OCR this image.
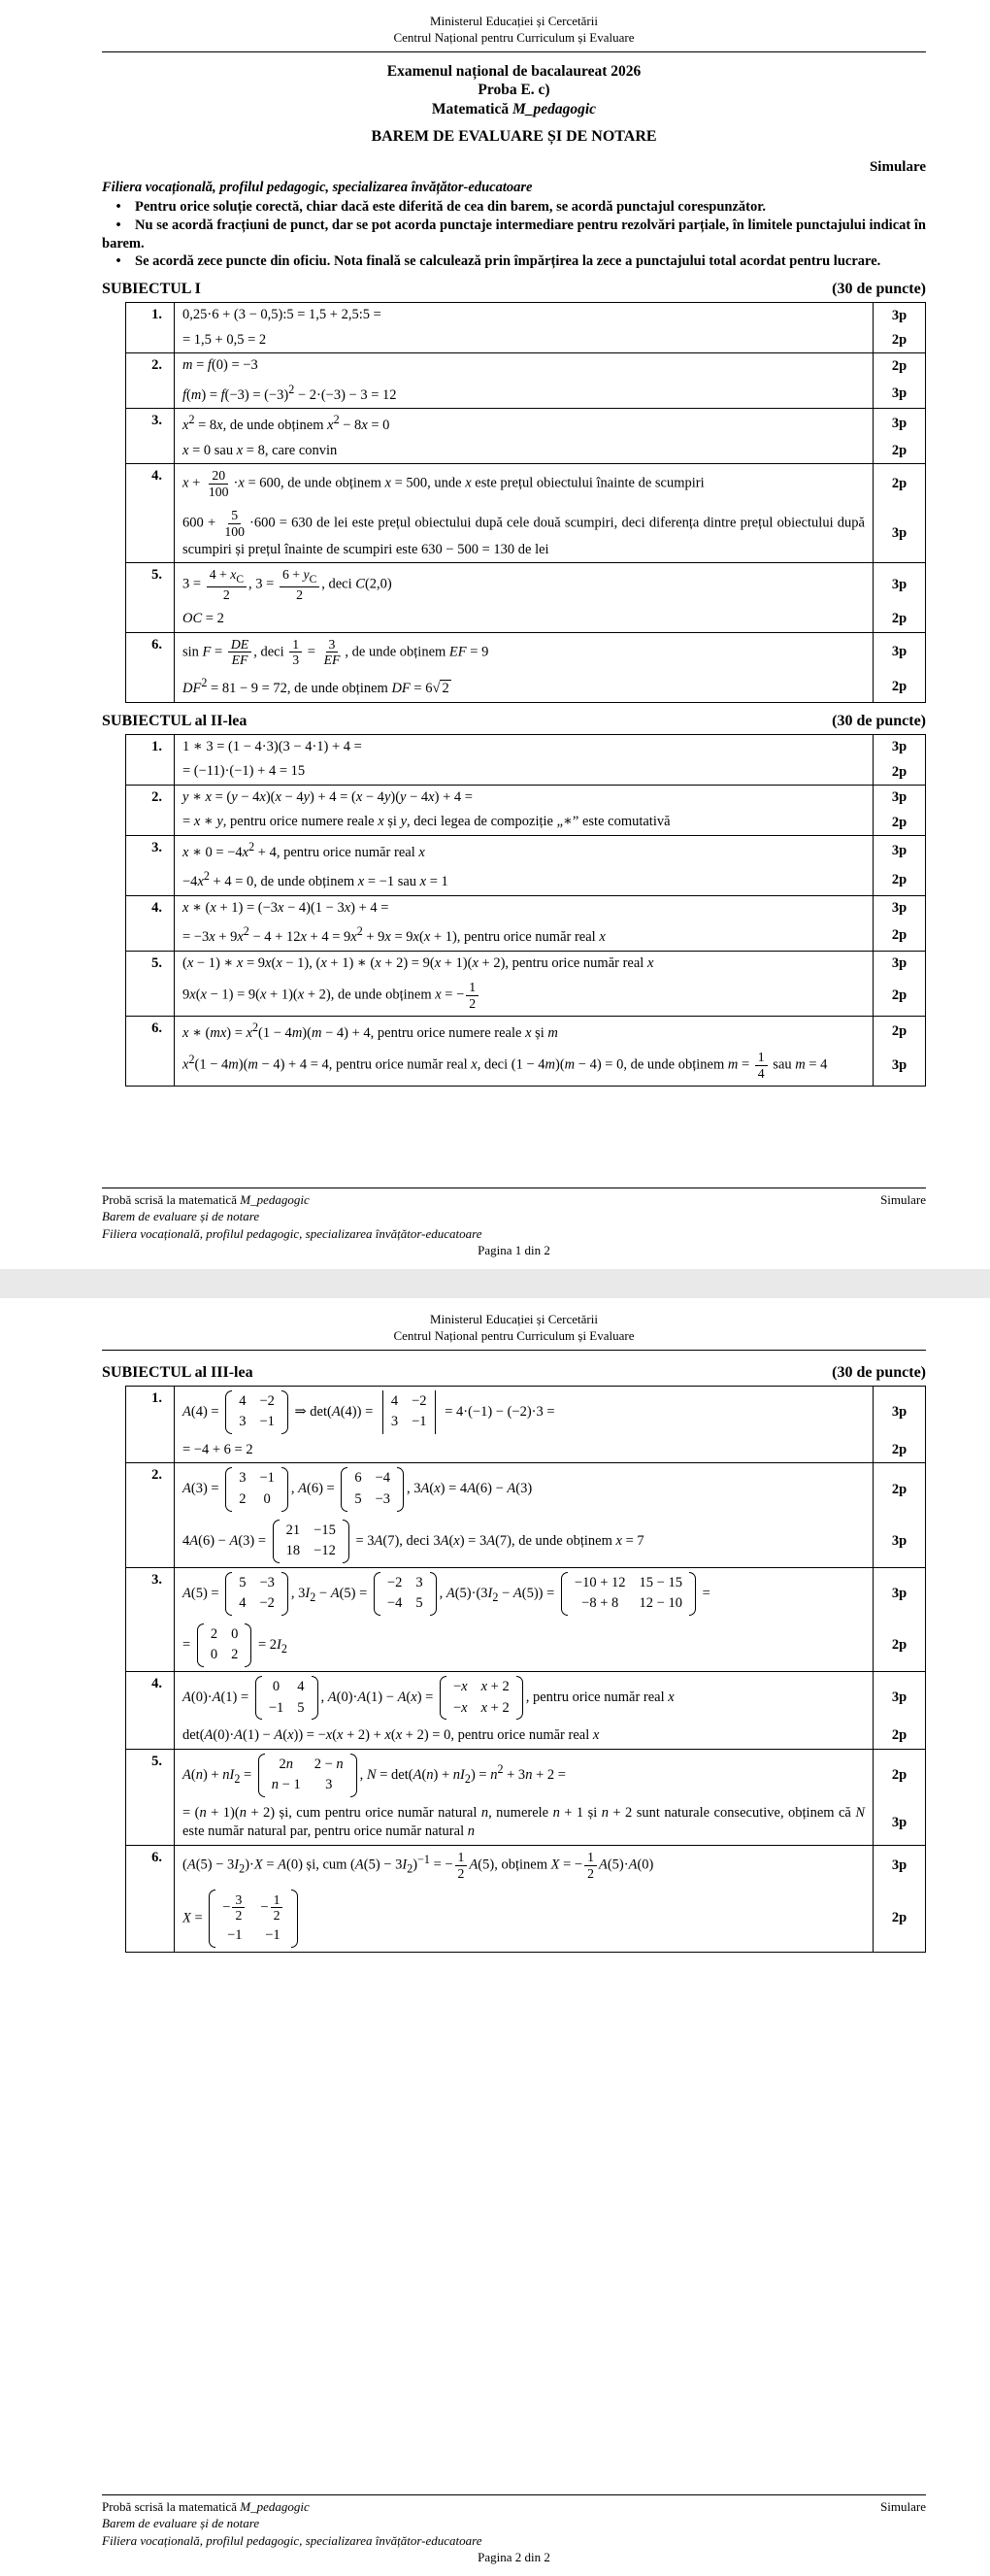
Ministerul Educației și Cercetării
Centrul Național pentru Curriculum și Evaluare
Examenul național de bacalaureat 2026
Proba E. c)
Matematică M_pedagogic
BAREM DE EVALUARE ȘI DE NOTARE
Simulare
Filiera vocațională, profilul pedagogic, specializarea învățător-educatoare
• Pentru orice soluție corectă, chiar dacă este diferită de cea din barem, se acordă punctajul corespunzător.
• Nu se acordă fracțiuni de punct, dar se pot acorda punctaje intermediare pentru rezolvări parțiale, în limitele punctajului indicat în barem.
• Se acordă zece puncte din oficiu. Nota finală se calculează prin împărțirea la zece a punctajului total acordat pentru lucrare.
SUBIECTUL I	(30 de puncte)
1.	0,25·6 + (3 − 0,5):5 = 1,5 + 2,5:5 =	3p
	= 1,5 + 0,5 = 2	2p
2.	m = f(0) = −3	2p
	$f(m) = f(-3) = (-3)^2 - 2\cdot(-3) - 3 = 12$	3p
3.	$x^2 = 8x$, de unde obținem $x^2 - 8x = 0$	3p
	x = 0 sau x = 8, care convin	2p
4.	$x + \frac{20}{100} \cdot x = 600$, de unde obținem x = 500, unde x este prețul obiectului înainte de scumpiri	2p
	$600 + \frac{5}{100} \cdot 600 = 630$ de lei este prețul obiectului după cele două scumpiri, deci diferența dintre prețul obiectului după scumpiri și prețul înainte de scumpiri este 630 − 500 = 130 de lei	3p
5.	$3 = \frac{4 + x_C}{2}$ , $3 = \frac{6 + y_C}{2}$ , deci C(2,0)	3p
	OC = 2	2p
6.	$\sin F = \frac{DE}{EF}$ , deci $\frac{1}{3} = \frac{3}{EF}$ , de unde obținem EF = 9	3p
	$DF^2 = 81 - 9 = 72$, de unde obținem DF = 6√ 2	2p
SUBIECTUL al II-lea	(30 de puncte)
1.	1 ∗ 3 = (1 − 4·3)(3 − 4·1) + 4 =	3p
	= (−11)·(−1) + 4 = 15	2p
2.	y ∗ x = (y − 4x)(x − 4y) + 4 = (x − 4y)(y − 4x) + 4 =	3p
	= x ∗ y, pentru orice numere reale x și y, deci legea de compoziție „∗” este comutativă	2p
3.	x ∗ $0 = -4x^2 + 4$, pentru orice număr real x	3p
	$-4x^2 + 4 = 0$, de unde obținem x = −1 sau x = 1	2p
4.	x ∗ (x + 1) = (−3x − 4)(1 − 3x) + 4 =	3p
	= $-3x + 9x^2 - 4 + 12x + 4 = 9x^2 + 9x = 9x(x + 1)$, pentru orice număr real x	2p
5.	(x − 1) ∗ x = 9x(x − 1), (x + 1) ∗ (x + 2) = 9(x + 1)(x + 2), pentru orice număr real x	3p
	9x(x − 1) = 9(x + 1)(x + 2), de unde obținem x = − $\frac{1}{2}$	2p
6.	x ∗ $(mx) = x^2(1 - 4m)(m - 4) + 4$, pentru orice numere reale x și m	2p
	$x^2(1 - 4m)(m - 4) + 4 = 4$, pentru orice număr real x, deci (1 − 4m)(m − 4) = 0, de unde obținem $m = \frac{1}{4}$ sau m = 4	3p
Probă scrisă la matematică M_pedagogic	Simulare
Barem de evaluare și de notare
Filiera vocațională, profilul pedagogic, specializarea învățător-educatoare
Pagina 1 din 2
Ministerul Educației și Cercetării
Centrul Național pentru Curriculum și Evaluare
SUBIECTUL al III-lea	(30 de puncte)
1.	A(4) =
4 −2
3 −1
⇒ det(A(4)) =
4 −2
3 −1
= 4·(−1) − (−2)·3 =	3p
	= −4 + 6 = 2	2p
2.	A(3) =
3 −1
2 0
, A(6) =
6 −4
5 −3
, 3A(x) = 4A(6) − A(3)	2p
4A(6) − A(3) =
21 −15
18 −12
= 3A(7), deci 3A(x) = 3A(7), de unde obținem x = 7	3p
3.	A(5) =
5 −3
4 −2
, $3I_2 - A(5)$ =
−2 3
−4 5
, $A(5)\cdot(3I_2 - A(5))$ =
−10 + 12 15 − 15
−8 + 8 12 − 10
=	3p
=
2 0
0 2
= $2I_2$	2p
4.	A(0)·A(1) =
0 4
−1 5
, A(0)·A(1) − A(x) =
−x x + 2
−x x + 2
, pentru orice număr real x	3p
	det(A(0)·A(1) − A(x)) = −x(x + 2) + x(x + 2) = 0, pentru orice număr real x	2p
5.	$A(n) + nI_2$ =
2n 2 − n
n − 1 3
, $N = \det(A(n) + nI_2) = n^2 + 3n + 2$ =	2p
	= (n + 1)(n + 2) și, cum pentru orice număr natural n, numerele n + 1 și n + 2 sunt naturale consecutive, obținem că N este număr natural par, pentru orice număr natural n	3p
6.	$(A(5) - 3I_2)\cdot X = A(0)$ și, cum $(A(5) - 3I_2)^{-1}$ = − $\frac{1}{2} A(5)$, obținem X = − $\frac{1}{2} A(5)\cdot A(0)$	3p
X =
− $\frac{3}{2} - \frac{1}{2}$
−1 −1
	2p
Probă scrisă la matematică M_pedagogic	Simulare
Barem de evaluare și de notare
Filiera vocațională, profilul pedagogic, specializarea învățător-educatoare
Pagina 2 din 2
